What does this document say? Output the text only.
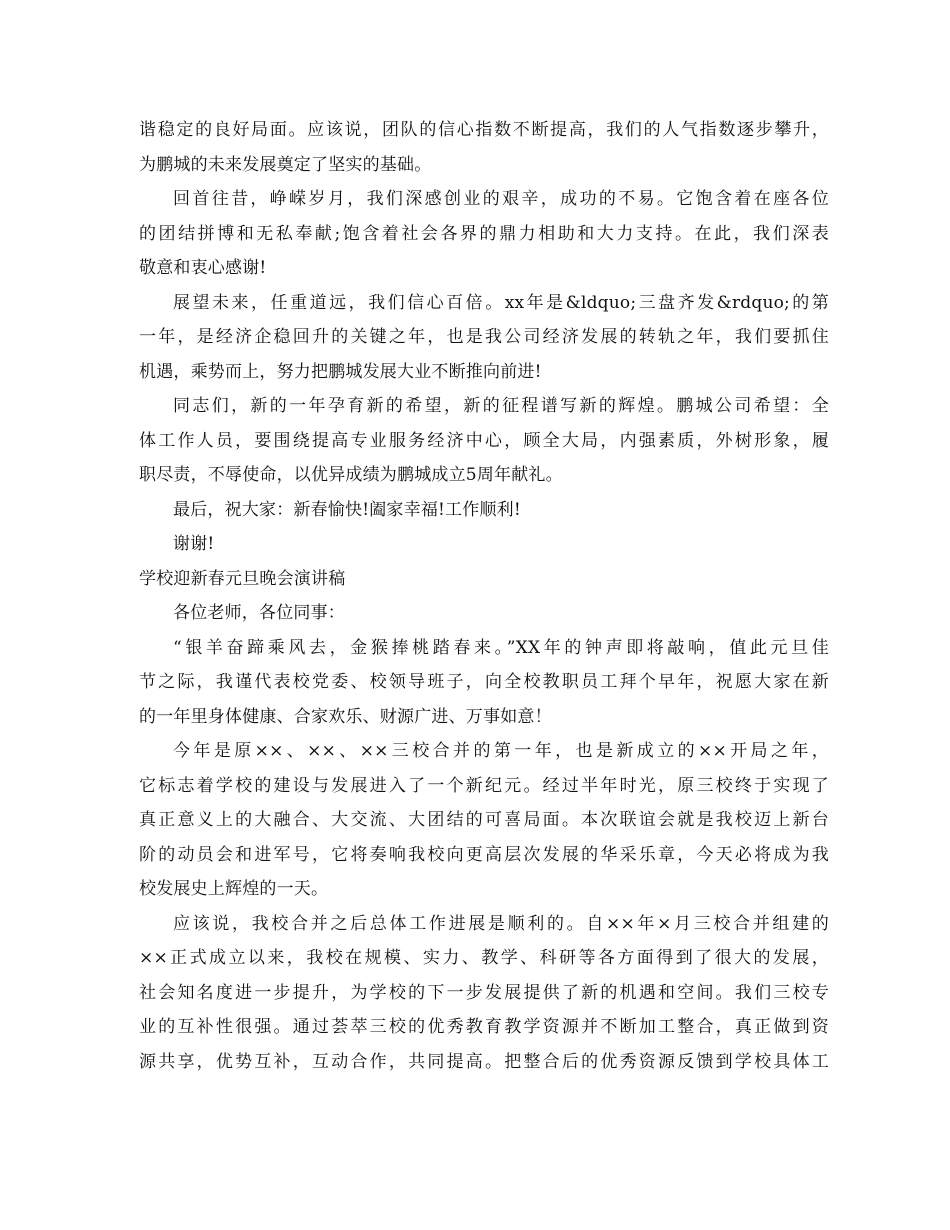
谐稳定的良好局面。应该说，团队的信心指数不断提高，我们的人气指数逐步攀升，
为鹏城的未来发展奠定了坚实的基础。
回首往昔，峥嵘岁月，我们深感创业的艰辛，成功的不易。它饱含着在座各位
的团结拼博和无私奉献;饱含着社会各界的鼎力相助和大力支持。在此，我们深表
敬意和衷心感谢!
展望未来，任重道远，我们信心百倍。xx年是&ldquo;三盘齐发&rdquo;的第
一年，是经济企稳回升的关键之年，也是我公司经济发展的转轨之年，我们要抓住
机遇，乘势而上，努力把鹏城发展大业不断推向前进!
同志们，新的一年孕育新的希望，新的征程谱写新的辉煌。鹏城公司希望：全
体工作人员，要围绕提高专业服务经济中心，顾全大局，内强素质，外树形象，履
职尽责，不辱使命，以优异成绩为鹏城成立5周年献礼。
最后，祝大家：新春愉快!阖家幸福!工作顺利!
谢谢!
学校迎新春元旦晚会演讲稿
各位老师，各位同事：
“银羊奋蹄乘风去，金猴捧桃踏春来。”XX年的钟声即将敲响，值此元旦佳
节之际，我谨代表校党委、校领导班子，向全校教职员工拜个早年，祝愿大家在新
的一年里身体健康、合家欢乐、财源广进、万事如意！
今年是原××、××、××三校合并的第一年，也是新成立的××开局之年，
它标志着学校的建设与发展进入了一个新纪元。经过半年时光，原三校终于实现了
真正意义上的大融合、大交流、大团结的可喜局面。本次联谊会就是我校迈上新台
阶的动员会和进军号，它将奏响我校向更高层次发展的华采乐章，今天必将成为我
校发展史上辉煌的一天。
应该说，我校合并之后总体工作进展是顺利的。自××年×月三校合并组建的
××正式成立以来，我校在规模、实力、教学、科研等各方面得到了很大的发展，
社会知名度进一步提升，为学校的下一步发展提供了新的机遇和空间。我们三校专
业的互补性很强。通过荟萃三校的优秀教育教学资源并不断加工整合，真正做到资
源共享，优势互补，互动合作，共同提高。把整合后的优秀资源反馈到学校具体工
